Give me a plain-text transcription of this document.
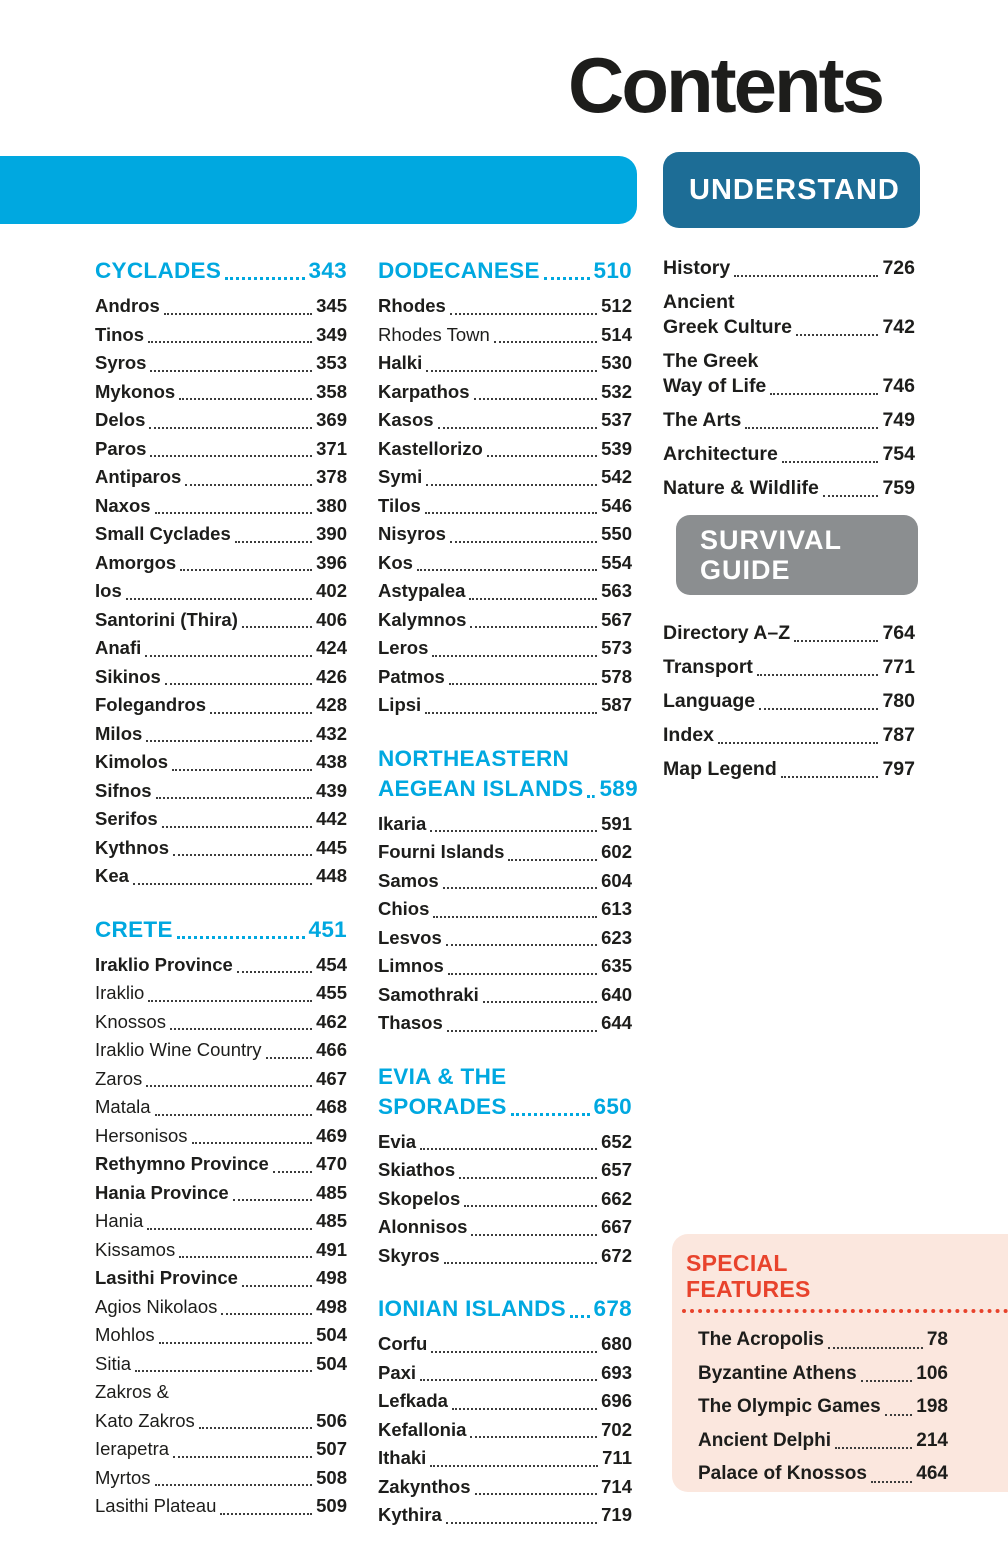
Contents
UNDERSTAND
CYCLADES	343
Andros	345
Tinos	349
Syros	353
Mykonos	358
Delos	369
Paros	371
Antiparos	378
Naxos	380
Small Cyclades	390
Amorgos	396
Ios	402
Santorini (Thira)	406
Anafi	424
Sikinos	426
Folegandros	428
Milos	432
Kimolos	438
Sifnos	439
Serifos	442
Kythnos	445
Kea	448
CRETE	451
Iraklio Province	454
Iraklio	455
Knossos	462
Iraklio Wine Country	466
Zaros	467
Matala	468
Hersonisos	469
Rethymno Province	470
Hania Province	485
Hania	485
Kissamos	491
Lasithi Province	498
Agios Nikolaos	498
Mohlos	504
Sitia	504
Zakros &
Kato Zakros	506
Ierapetra	507
Myrtos	508
Lasithi Plateau	509
DODECANESE 510
Rhodes	512
Rhodes Town	514
Halki	530
Karpathos	532
Kasos	537
Kastellorizo	539
Symi	542
Tilos	546
Nisyros	550
Kos	554
Astypalea	563
Kalymnos	567
Leros	573
Patmos	578
Lipsi	587
NORTHEASTERN
AEGEAN ISLANDS 589
Ikaria	591
Fourni Islands	602
Samos	604
Chios	613
Lesvos	623
Limnos	635
Samothraki	640
Thasos	644
EVIA & THE
SPORADES	650
Evia	652
Skiathos	657
Skopelos	662
Alonnisos	667
Skyros	672
IONIAN ISLANDS 678
Corfu	680
Paxi	693
Lefkada	696
Kefallonia	702
Ithaki	711
Zakynthos	714
Kythira	719
History	726
Ancient
Greek Culture	742
The Greek
Way of Life	746
The Arts	749
Architecture	754
Nature & Wildlife	759
SURVIVAL
GUIDE
Directory A–Z	764
Transport	771
Language	780
Index	787
Map Legend	797
SPECIAL
FEATURES
The Acropolis	78
Byzantine Athens	106
The Olympic Games 198
Ancient Delphi	214
Palace of Knossos	464
